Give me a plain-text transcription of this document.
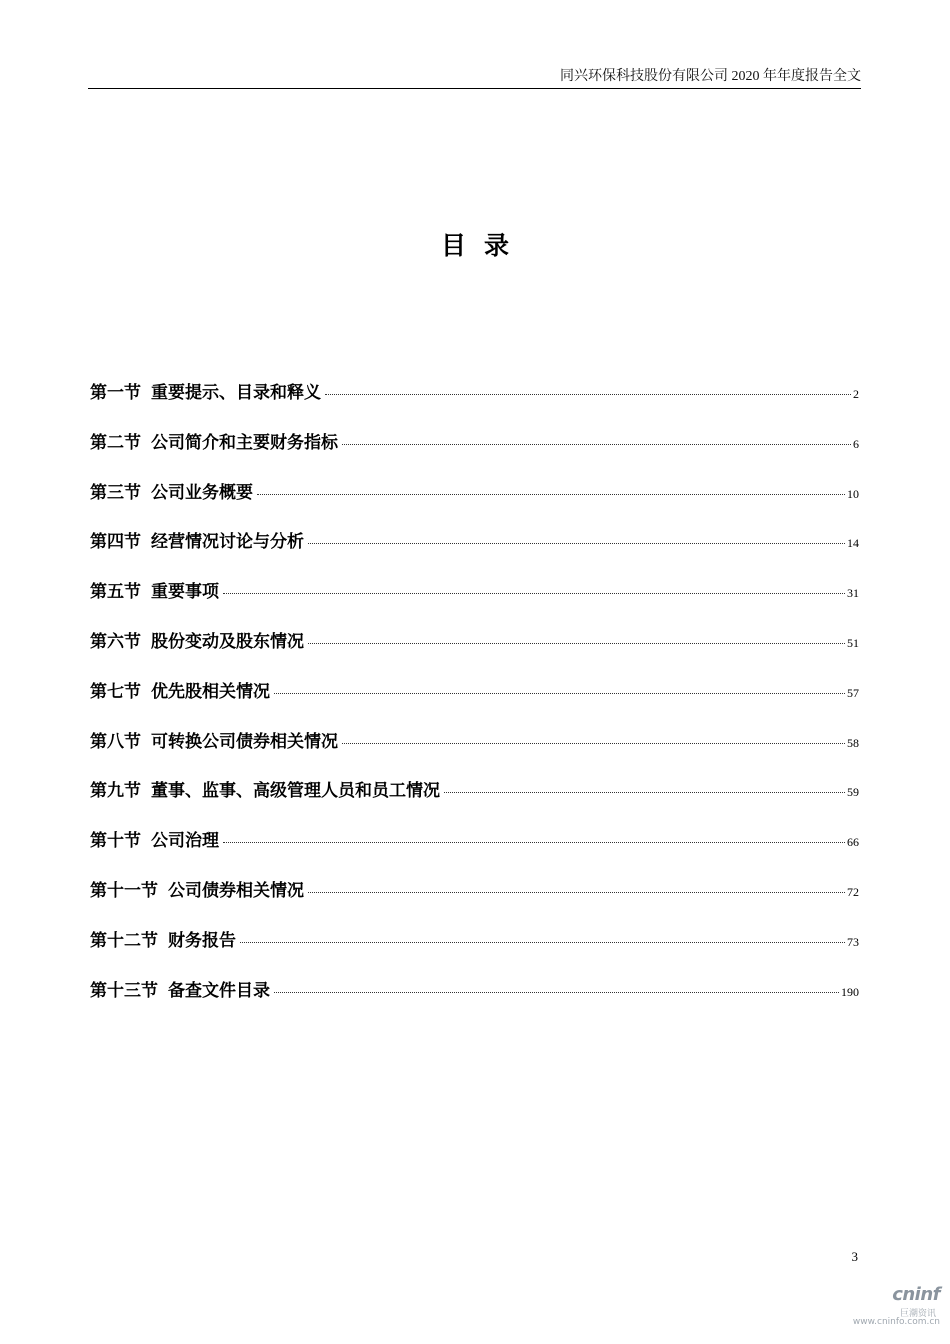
同兴环保科技股份有限公司 2020 年年度报告全文
目录
第一节 重要提示、目录和释义	2
第二节 公司简介和主要财务指标	6
第三节 公司业务概要	10
第四节 经营情况讨论与分析	14
第五节 重要事项	31
第六节 股份变动及股东情况	51
第七节 优先股相关情况	57
第八节 可转换公司债券相关情况	58
第九节 董事、监事、高级管理人员和员工情况	59
第十节 公司治理	66
第十一节 公司债券相关情况	72
第十二节 财务报告	73
第十三节 备查文件目录	190
3
cninf
巨潮资讯
www.cninfo.com.cn
